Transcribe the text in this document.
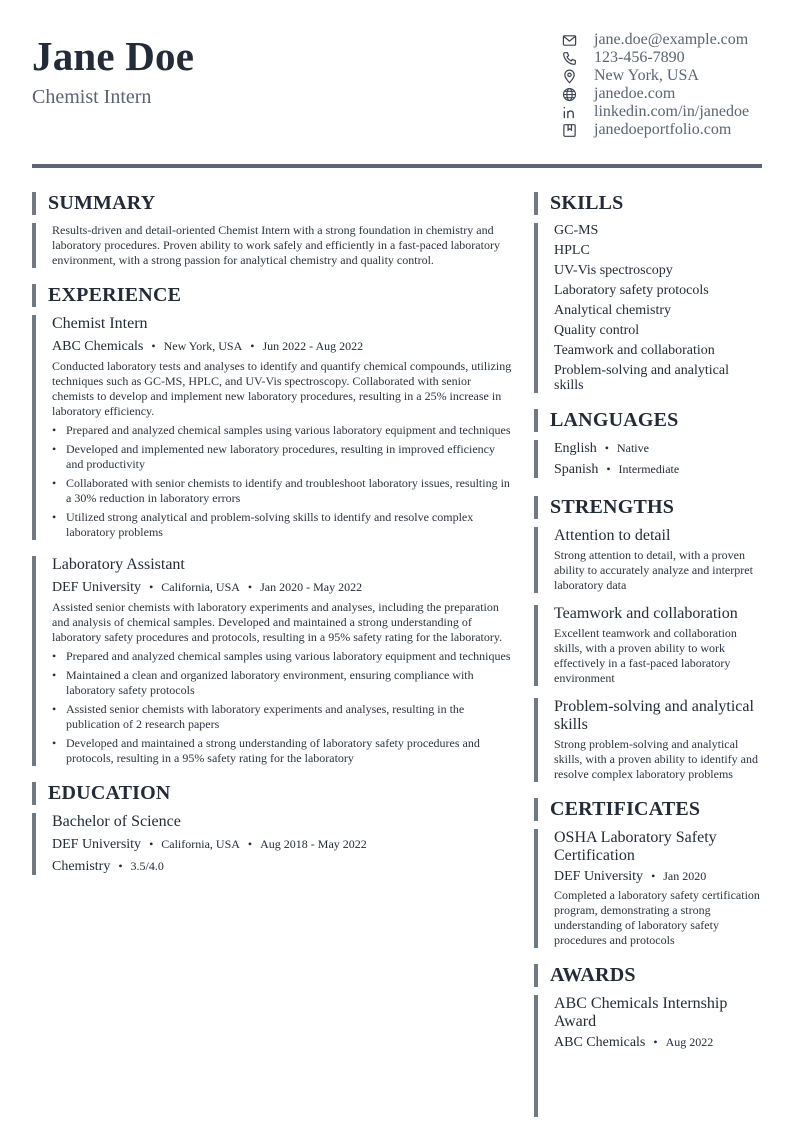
Jane Doe
Chemist Intern
jane.doe@example.com
123-456-7890
New York, USA
janedoe.com
linkedin.com/in/janedoe
janedoeportfolio.com
SUMMARY
Results-driven and detail-oriented Chemist Intern with a strong foundation in chemistry and laboratory procedures. Proven ability to work safely and efficiently in a fast-paced laboratory environment, with a strong passion for analytical chemistry and quality control.
EXPERIENCE
Chemist Intern
ABC Chemicals • New York, USA • Jun 2022 - Aug 2022
Conducted laboratory tests and analyses to identify and quantify chemical compounds, utilizing techniques such as GC-MS, HPLC, and UV-Vis spectroscopy. Collaborated with senior chemists to develop and implement new laboratory procedures, resulting in a 25% increase in laboratory efficiency.
• Prepared and analyzed chemical samples using various laboratory equipment and techniques
• Developed and implemented new laboratory procedures, resulting in improved efficiency and productivity
• Collaborated with senior chemists to identify and troubleshoot laboratory issues, resulting in a 30% reduction in laboratory errors
• Utilized strong analytical and problem-solving skills to identify and resolve complex laboratory problems
Laboratory Assistant
DEF University • California, USA • Jan 2020 - May 2022
Assisted senior chemists with laboratory experiments and analyses, including the preparation and analysis of chemical samples. Developed and maintained a strong understanding of laboratory safety procedures and protocols, resulting in a 95% safety rating for the laboratory.
• Prepared and analyzed chemical samples using various laboratory equipment and techniques
• Maintained a clean and organized laboratory environment, ensuring compliance with laboratory safety protocols
• Assisted senior chemists with laboratory experiments and analyses, resulting in the publication of 2 research papers
• Developed and maintained a strong understanding of laboratory safety procedures and protocols, resulting in a 95% safety rating for the laboratory
EDUCATION
Bachelor of Science
DEF University • California, USA • Aug 2018 - May 2022
Chemistry • 3.5/4.0
SKILLS
GC-MS
HPLC
UV-Vis spectroscopy
Laboratory safety protocols
Analytical chemistry
Quality control
Teamwork and collaboration
Problem-solving and analytical skills
LANGUAGES
English • Native
Spanish • Intermediate
STRENGTHS
Attention to detail
Strong attention to detail, with a proven ability to accurately analyze and interpret laboratory data
Teamwork and collaboration
Excellent teamwork and collaboration skills, with a proven ability to work effectively in a fast-paced laboratory environment
Problem-solving and analytical skills
Strong problem-solving and analytical skills, with a proven ability to identify and resolve complex laboratory problems
CERTIFICATES
OSHA Laboratory Safety Certification
DEF University • Jan 2020
Completed a laboratory safety certification program, demonstrating a strong understanding of laboratory safety procedures and protocols
AWARDS
ABC Chemicals Internship Award
ABC Chemicals • Aug 2022
